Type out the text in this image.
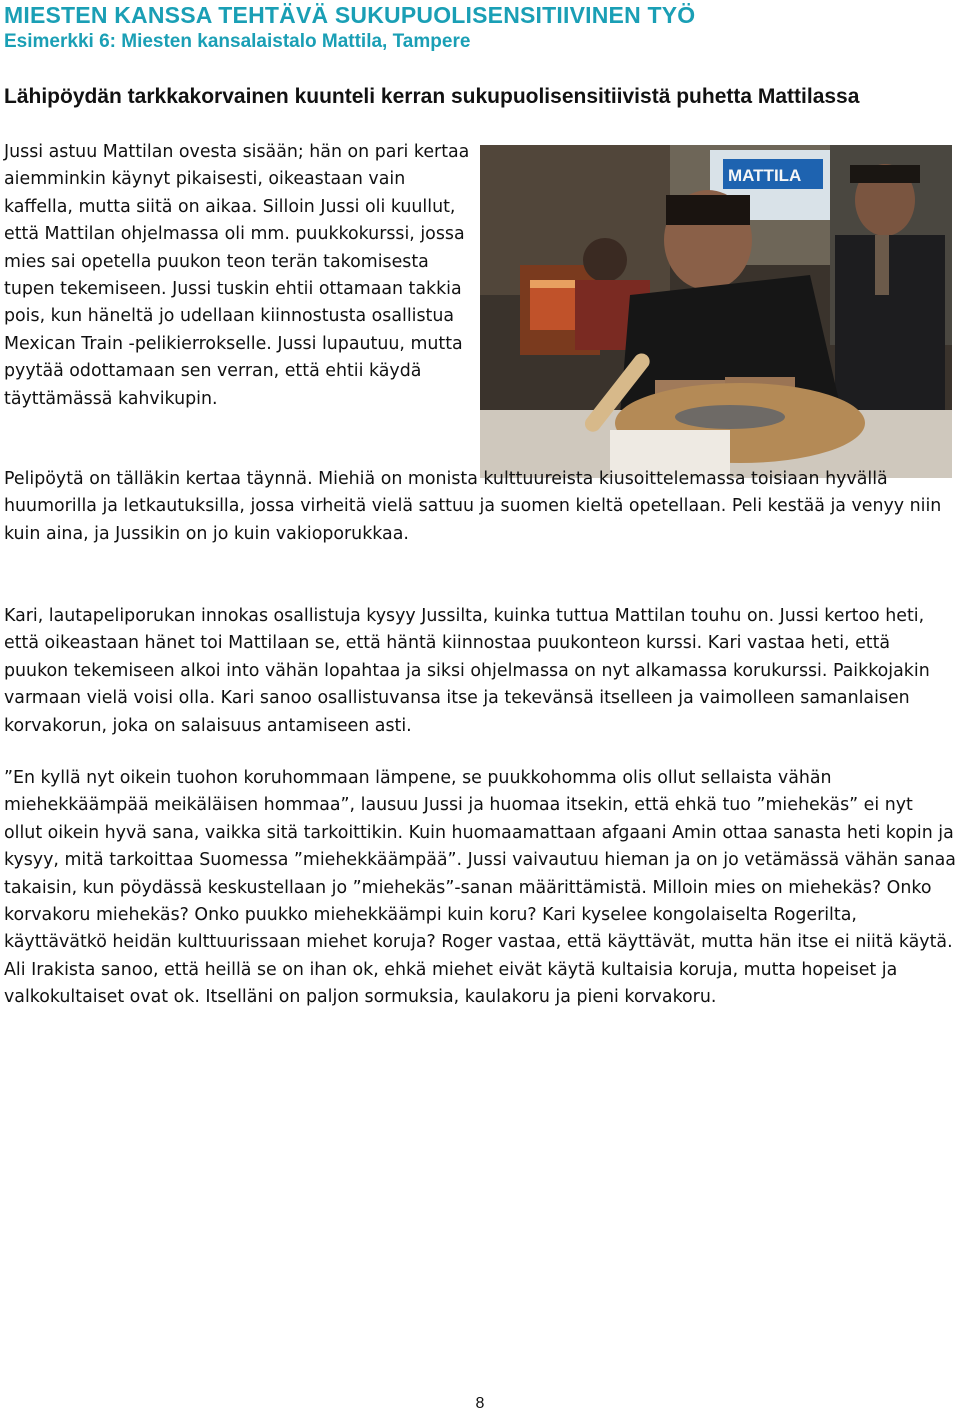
MIESTEN KANSSA TEHTÄVÄ SUKUPUOLISENSITIIVINEN TYÖ
Esimerkki 6: Miesten kansalaistalo Mattila, Tampere
Lähipöydän tarkkakorvainen kuunteli kerran sukupuolisensitiivistä puhetta Mattilassa

Jussi astuu Mattilan ovesta sisään; hän on pari kertaa aiemminkin käynyt pikaisesti, oikeastaan vain kaffella, mutta siitä on aikaa. Silloin Jussi oli kuullut, että Mattilan ohjelmassa oli mm. puukkokurssi, jossa mies sai opetella puukon teon terän takomisesta tupen tekemiseen. Jussi tuskin ehtii ottamaan takkia pois, kun häneltä jo udellaan kiinnostusta osallistua Mexican Train -pelikierrokselle. Jussi lupautuu, mutta pyytää odottamaan sen verran, että ehtii käydä täyttämässä kahvikupin.

MATTILA

Pelipöytä on tälläkin kertaa täynnä. Miehiä on monista kulttuureista kiusoittelemassa toisiaan hyvällä huumorilla ja letkautuksilla, jossa virheitä vielä sattuu ja suomen kieltä opetellaan. Peli kestää ja venyy niin kuin aina, ja Jussikin on jo kuin vakioporukkaa.

Kari, lautapeliporukan innokas osallistuja kysyy Jussilta, kuinka tuttua Mattilan touhu on. Jussi kertoo heti, että oikeastaan hänet toi Mattilaan se, että häntä kiinnostaa puukonteon kurssi. Kari vastaa heti, että puukon tekemiseen alkoi into vähän lopahtaa ja siksi ohjelmassa on nyt alkamassa korukurssi. Paikkojakin varmaan vielä voisi olla. Kari sanoo osallistuvansa itse ja tekevänsä itselleen ja vaimolleen samanlaisen korvakorun, joka on salaisuus antamiseen asti.

”En kyllä nyt oikein tuohon koruhommaan lämpene, se puukkohomma olis ollut sellaista vähän miehekkäämpää meikäläisen hommaa”, lausuu Jussi ja huomaa itsekin, että ehkä tuo ”miehekäs” ei nyt ollut oikein hyvä sana, vaikka sitä tarkoittikin. Kuin huomaamattaan afgaani Amin ottaa sanasta heti kopin ja kysyy, mitä tarkoittaa Suomessa ”miehekkäämpää”. Jussi vaivautuu hieman ja on jo vetämässä vähän sanaa takaisin, kun pöydässä keskustellaan jo ”miehekäs”-sanan määrittämistä. Milloin mies on miehekäs? Onko korvakoru miehekäs? Onko puukko miehekkäämpi kuin koru? Kari kyselee kongolaiselta Rogerilta, käyttävätkö heidän kulttuurissaan miehet koruja? Roger vastaa, että käyttävät, mutta hän itse ei niitä käytä. Ali Irakista sanoo, että heillä se on ihan ok, ehkä miehet eivät käytä kultaisia koruja, mutta hopeiset ja valkokultaiset ovat ok. Itselläni on paljon sormuksia, kaulakoru ja pieni korvakoru.

8
